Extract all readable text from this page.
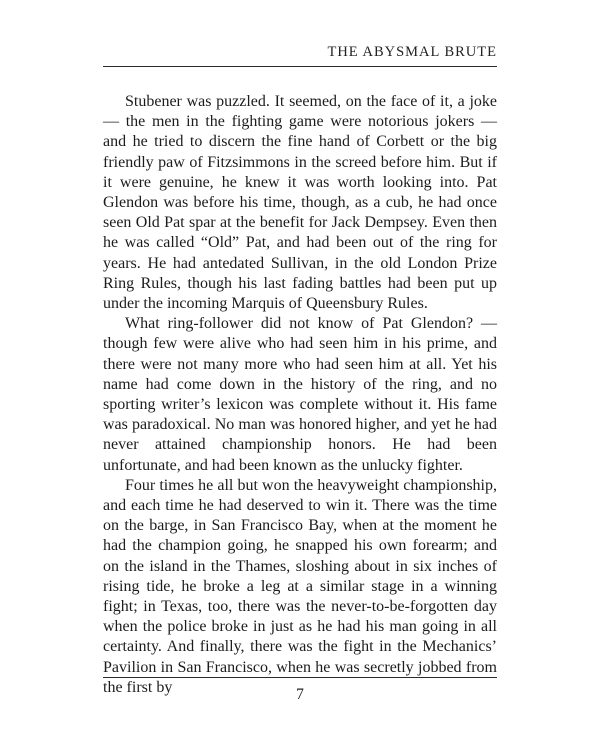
THE ABYSMAL BRUTE

Stubener was puzzled. It seemed, on the face of it, a joke — the men in the fighting game were notorious jokers — and he tried to discern the fine hand of Corbett or the big friendly paw of Fitzsimmons in the screed before him. But if it were genuine, he knew it was worth looking into. Pat Glendon was before his time, though, as a cub, he had once seen Old Pat spar at the benefit for Jack Dempsey. Even then he was called “Old” Pat, and had been out of the ring for years. He had antedated Sullivan, in the old London Prize Ring Rules, though his last fading battles had been put up under the incoming Marquis of Queensbury Rules.

What ring-follower did not know of Pat Glendon? — though few were alive who had seen him in his prime, and there were not many more who had seen him at all. Yet his name had come down in the history of the ring, and no sporting writer’s lexicon was complete without it. His fame was paradoxical. No man was honored higher, and yet he had never attained championship honors. He had been unfortunate, and had been known as the unlucky fighter.

Four times he all but won the heavyweight championship, and each time he had deserved to win it. There was the time on the barge, in San Francisco Bay, when at the moment he had the champion going, he snapped his own forearm; and on the island in the Thames, sloshing about in six inches of rising tide, he broke a leg at a similar stage in a winning fight; in Texas, too, there was the never-to-be-forgotten day when the police broke in just as he had his man going in all certainty. And finally, there was the fight in the Mechanics’ Pavilion in San Francisco, when he was secretly jobbed from the first by	7
